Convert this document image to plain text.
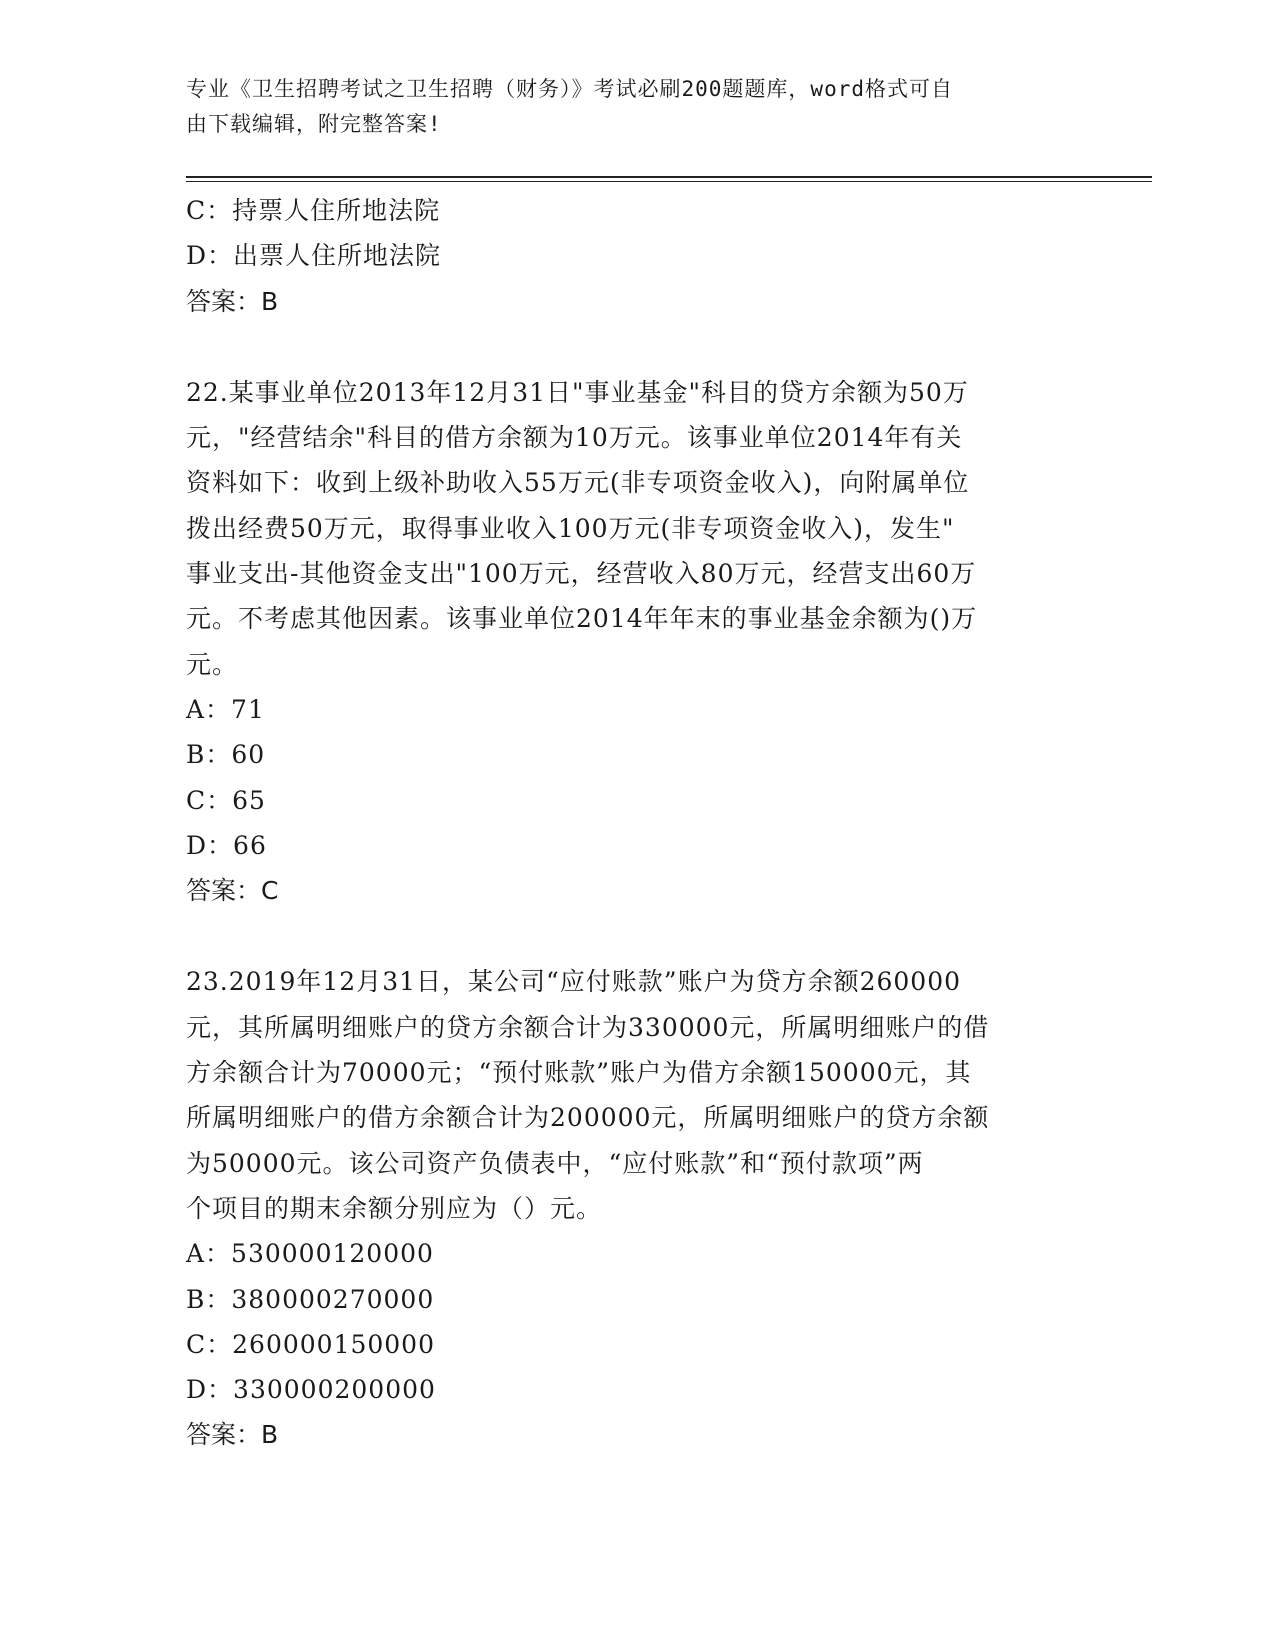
专业《卫生招聘考试之卫生招聘（财务）》考试必刷200题题库，word格式可自
由下载编辑，附完整答案!
C：持票人住所地法院
D：出票人住所地法院
答案：B
22.某事业单位2013年12月31日"事业基金"科目的贷方余额为50万
元，"经营结余"科目的借方余额为10万元。该事业单位2014年有关
资料如下：收到上级补助收入55万元(非专项资金收入)，向附属单位
拨出经费50万元，取得事业收入100万元(非专项资金收入)，发生"
事业支出-其他资金支出"100万元，经营收入80万元，经营支出60万
元。不考虑其他因素。该事业单位2014年年末的事业基金余额为()万
元。
A：71
B：60
C：65
D：66
答案：C
23.2019年12月31日，某公司“应付账款”账户为贷方余额260000
元，其所属明细账户的贷方余额合计为330000元，所属明细账户的借
方余额合计为70000元；“预付账款”账户为借方余额150000元，其
所属明细账户的借方余额合计为200000元，所属明细账户的贷方余额
为50000元。该公司资产负债表中，“应付账款”和“预付款项”两
个项目的期末余额分别应为（）元。
A：530000120000
B：380000270000
C：260000150000
D：330000200000
答案：B
